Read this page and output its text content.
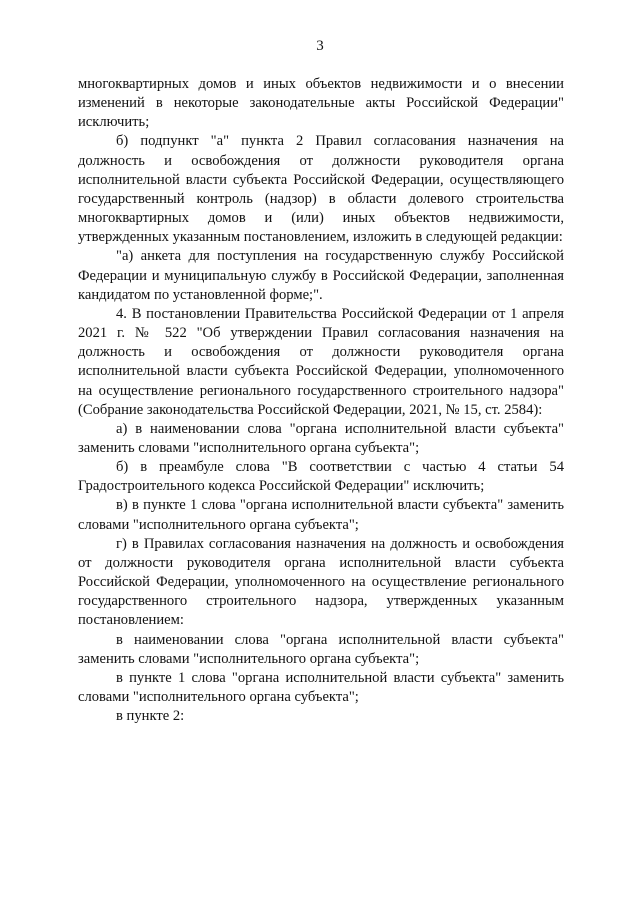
3

многоквартирных домов и иных объектов недвижимости и о внесении изменений в некоторые законодательные акты Российской Федерации" исключить;

б) подпункт "а" пункта 2 Правил согласования назначения на должность и освобождения от должности руководителя органа исполнительной власти субъекта Российской Федерации, осуществляющего государственный контроль (надзор) в области долевого строительства многоквартирных домов и (или) иных объектов недвижимости, утвержденных указанным постановлением, изложить в следующей редакции:

"а) анкета для поступления на государственную службу Российской Федерации и муниципальную службу в Российской Федерации, заполненная кандидатом по установленной форме;".

4. В постановлении Правительства Российской Федерации от 1 апреля 2021 г. № 522 "Об утверждении Правил согласования назначения на должность и освобождения от должности руководителя органа исполнительной власти субъекта Российской Федерации, уполномоченного на осуществление регионального государственного строительного надзора" (Собрание законодательства Российской Федерации, 2021, № 15, ст. 2584):

а) в наименовании слова "органа исполнительной власти субъекта" заменить словами "исполнительного органа субъекта";

б) в преамбуле слова "В соответствии с частью 4 статьи 54 Градостроительного кодекса Российской Федерации" исключить;

в) в пункте 1 слова "органа исполнительной власти субъекта" заменить словами "исполнительного органа субъекта";

г) в Правилах согласования назначения на должность и освобождения от должности руководителя органа исполнительной власти субъекта Российской Федерации, уполномоченного на осуществление регионального государственного строительного надзора, утвержденных указанным постановлением:

в наименовании слова "органа исполнительной власти субъекта" заменить словами "исполнительного органа субъекта";

в пункте 1 слова "органа исполнительной власти субъекта" заменить словами "исполнительного органа субъекта";

в пункте 2:
